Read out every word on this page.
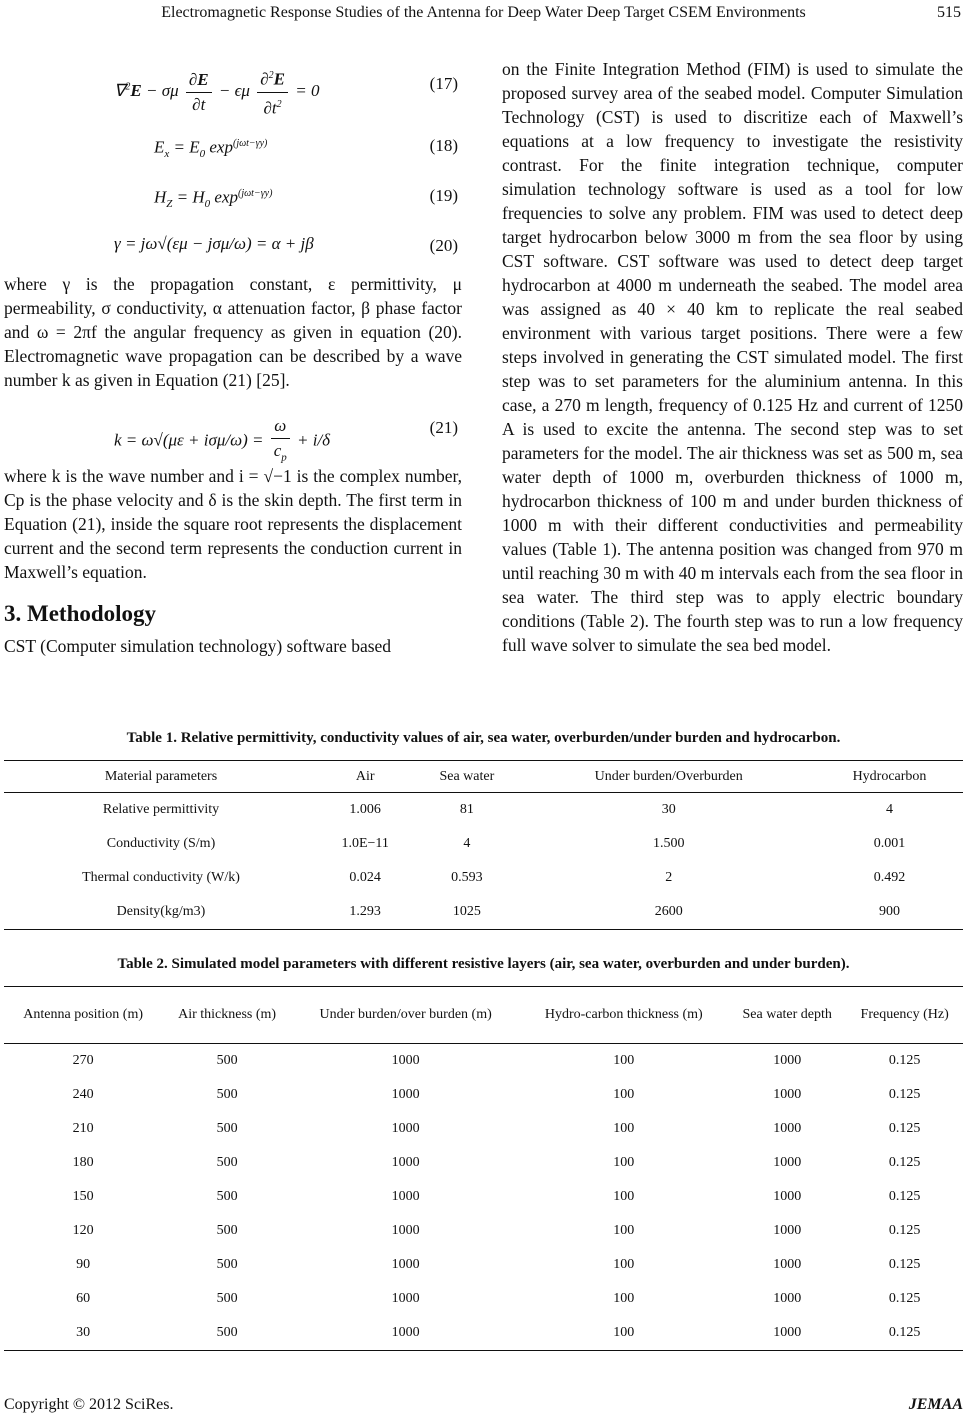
Electromagnetic Response Studies of the Antenna for Deep Water Deep Target CSEM Environments	515
∇$^2$E − σμ $\frac{\partial E}{\partial t} - \epsilon\mu \frac{\partial^2E}{\partial t^2} = 0$	(17)
$E_x = E_0$ $\exp^{(j\omega t-\gamma y)}$	(18)
$H_Z = H_0$ $\exp^{(j\omega t-\gamma y)}$	(19)
γ = jω√(εμ − jσμ/ω) = α + jβ	(20)

where γ is the propagation constant, ε permittivity, μ permeability, σ conductivity, α attenuation factor, β phase factor and ω = 2πf the angular frequency as given in equation (20). Electromagnetic wave propagation can be described by a wave number k as given in Equation (21) [25].

$k = \omega√(\mu\varepsilon + i\sigma\mu/\omega) = \frac{\omega}{c_p} + i/\delta$
(21)

where k is the wave number and i = √−1 is the complex number, Cp is the phase velocity and δ is the skin depth. The first term in Equation (21), inside the square root represents the displacement current and the second term represents the conduction current in Maxwell’s equation.

3. Methodology

CST (Computer simulation technology) software based

on the Finite Integration Method (FIM) is used to simulate the proposed survey area of the seabed model. Computer Simulation Technology (CST) is used to discritize each of Maxwell’s equations at a low frequency to investigate the resistivity contrast. For the finite integration technique, computer simulation technology software is used as a tool for low frequencies to solve any problem. FIM was used to detect deep target hydrocarbon below 3000 m from the sea floor by using CST software. CST software was used to detect deep target hydrocarbon at 4000 m underneath the seabed. The model area was assigned as 40 × 40 km to replicate the real seabed environment with various target positions. There were a few steps involved in generating the CST simulated model. The first step was to set parameters for the aluminium antenna. In this case, a 270 m length, frequency of 0.125 Hz and current of 1250 A is used to excite the antenna. The second step was to set parameters for the model. The air thickness was set as 500 m, sea water depth of 1000 m, overburden thickness of 1000 m, hydrocarbon thickness of 100 m and under burden thickness of 1000 m with their different conductivities and permeability values (Table 1). The antenna position was changed from 970 m until reaching 30 m with 40 m intervals each from the sea floor in sea water. The third step was to apply electric boundary conditions (Table 2). The fourth step was to run a low frequency full wave solver to simulate the sea bed model.

Table 1. Relative permittivity, conductivity values of air, sea water, overburden/under burden and hydrocarbon.
Material parameters	Air	Sea water	Under burden/Overburden	Hydrocarbon
Relative permittivity	1.006	81	30	4
Conductivity (S/m)	1.0E−11	4	1.500	0.001
Thermal conductivity (W/k)	0.024	0.593	2	0.492
Density(kg/m3)	1.293	1025	2600	900
Table 2. Simulated model parameters with different resistive layers (air, sea water, overburden and under burden).
Antenna position (m)	Air thickness (m)	Under burden/over burden (m)	Hydro-carbon thickness (m)	Sea water depth	Frequency (Hz)
270	500	1000	100	1000	0.125
240	500	1000	100	1000	0.125
210	500	1000	100	1000	0.125
180	500	1000	100	1000	0.125
150	500	1000	100	1000	0.125
120	500	1000	100	1000	0.125
90	500	1000	100	1000	0.125
60	500	1000	100	1000	0.125
30	500	1000	100	1000	0.125
Copyright © 2012 SciRes.	JEMAA
